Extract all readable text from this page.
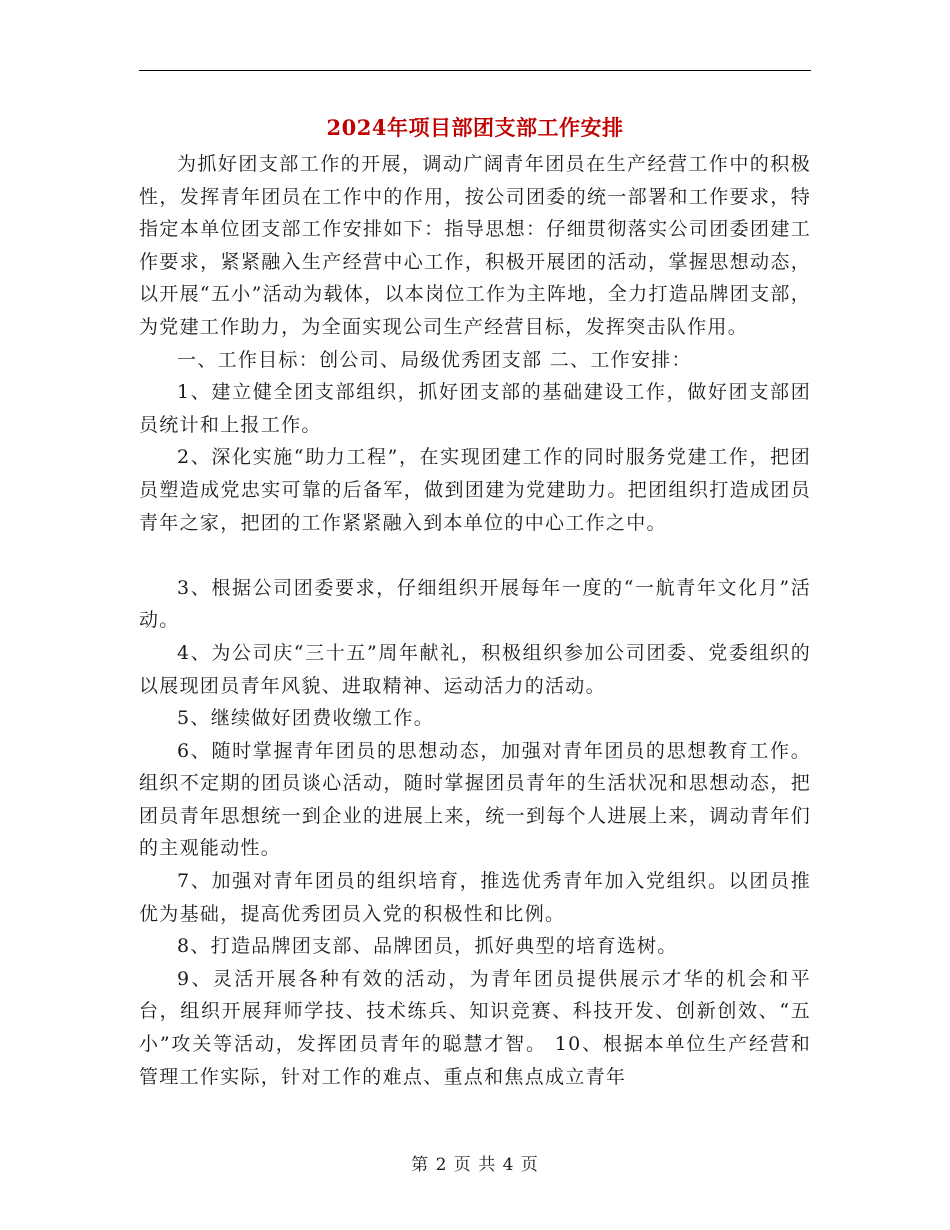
2024年项目部团支部工作安排

为抓好团支部工作的开展，调动广阔青年团员在生产经营工作中的积极性，发挥青年团员在工作中的作用，按公司团委的统一部署和工作要求，特指定本单位团支部工作安排如下：指导思想：仔细贯彻落实公司团委团建工作要求，紧紧融入生产经营中心工作，积极开展团的活动，掌握思想动态，以开展“五小”活动为载体，以本岗位工作为主阵地，全力打造品牌团支部，为党建工作助力，为全面实现公司生产经营目标，发挥突击队作用。

一、工作目标：创公司、局级优秀团支部 二、工作安排：

1、建立健全团支部组织，抓好团支部的基础建设工作，做好团支部团员统计和上报工作。

2、深化实施“助力工程”，在实现团建工作的同时服务党建工作，把团员塑造成党忠实可靠的后备军，做到团建为党建助力。把团组织打造成团员青年之家，把团的工作紧紧融入到本单位的中心工作之中。

3、根据公司团委要求，仔细组织开展每年一度的“一航青年文化月”活动。

4、为公司庆“三十五”周年献礼，积极组织参加公司团委、党委组织的以展现团员青年风貌、进取精神、运动活力的活动。

5、继续做好团费收缴工作。

6、随时掌握青年团员的思想动态，加强对青年团员的思想教育工作。组织不定期的团员谈心活动，随时掌握团员青年的生活状况和思想动态，把团员青年思想统一到企业的进展上来，统一到每个人进展上来，调动青年们的主观能动性。

7、加强对青年团员的组织培育，推选优秀青年加入党组织。以团员推优为基础，提高优秀团员入党的积极性和比例。

8、打造品牌团支部、品牌团员，抓好典型的培育选树。

9、灵活开展各种有效的活动，为青年团员提供展示才华的机会和平台，组织开展拜师学技、技术练兵、知识竞赛、科技开发、创新创效、“五小”攻关等活动，发挥团员青年的聪慧才智。 10、根据本单位生产经营和管理工作实际，针对工作的难点、重点和焦点成立青年

第 2 页 共 4 页
